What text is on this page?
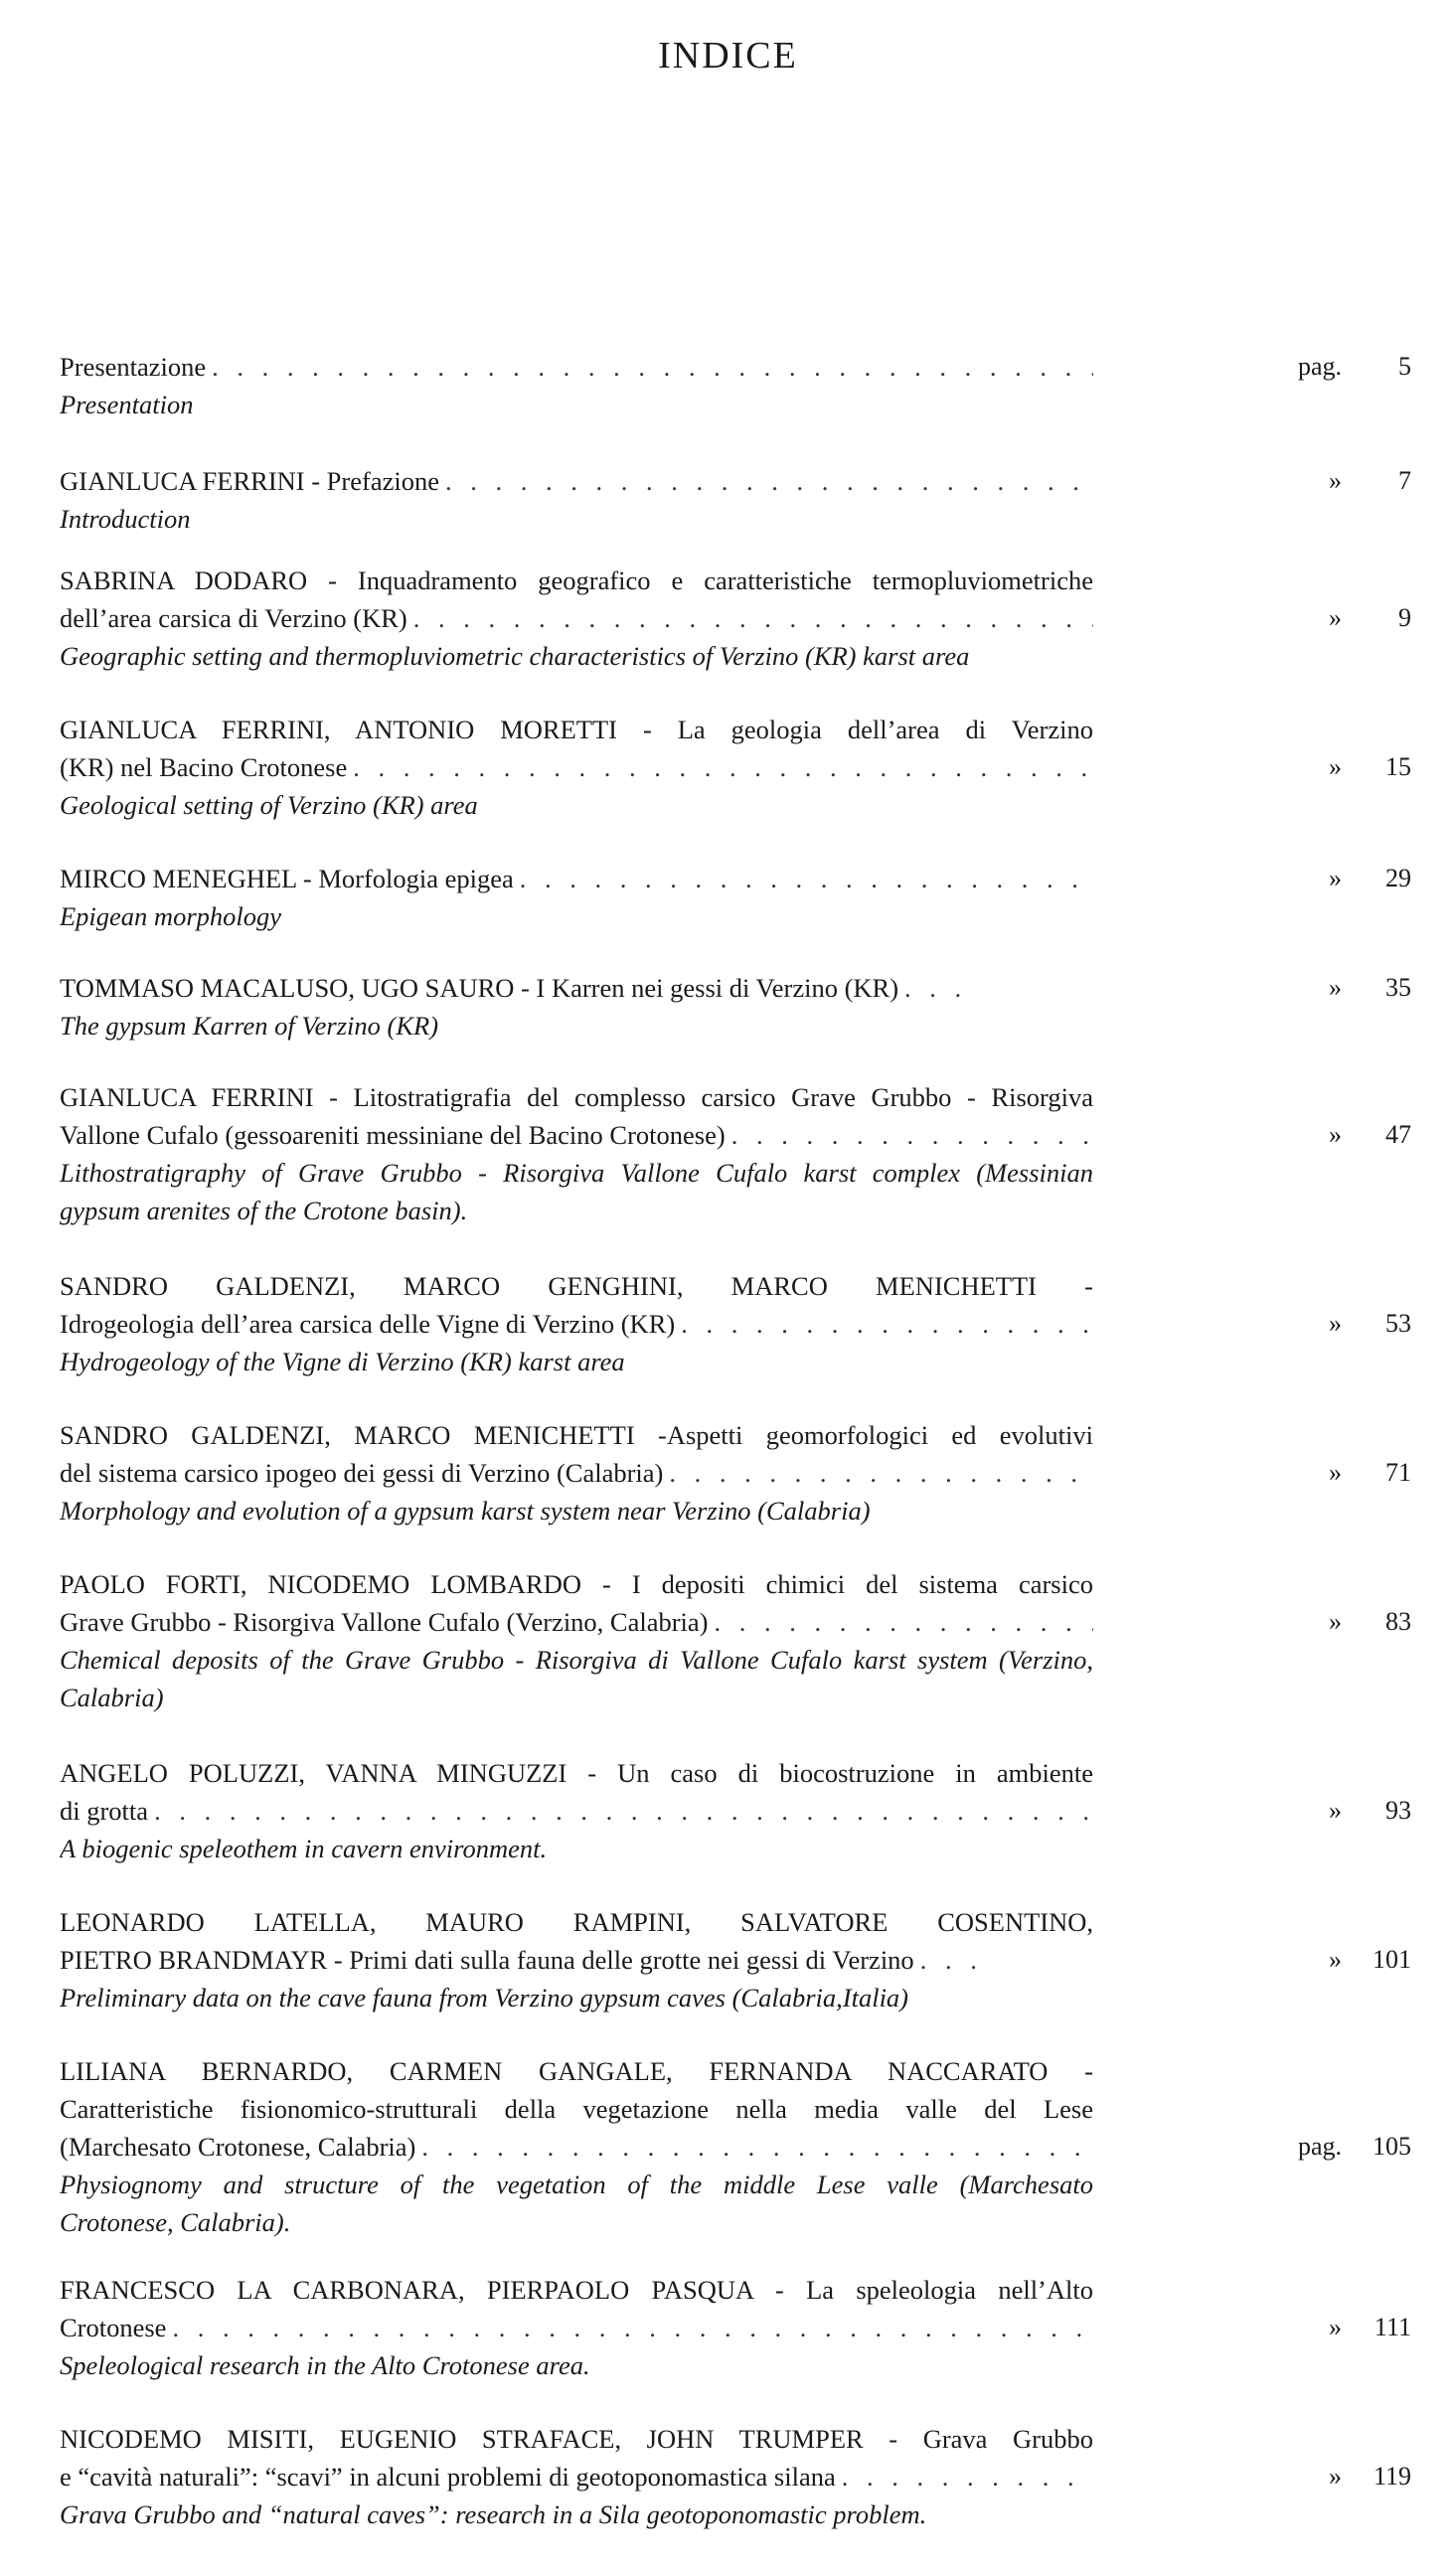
INDICE
Presentazione . . .	pag.	5
Presentation
GIANLUCA FERRINI - Prefazione . . .	»	7
Introduction
SABRINA DODARO - Inquadramento geografico e caratteristiche termopluviometriche
dell’area carsica di Verzino (KR) . . .	»	9
Geographic setting and thermopluviometric characteristics of Verzino (KR) karst area
GIANLUCA FERRINI, ANTONIO MORETTI - La geologia dell’area di Verzino
(KR) nel Bacino Crotonese . . .	»	15
Geological setting of Verzino (KR) area
MIRCO MENEGHEL - Morfologia epigea . . .	»	29
Epigean morphology
TOMMASO MACALUSO, UGO SAURO - I Karren nei gessi di Verzino (KR) . . .	»	35
The gypsum Karren of Verzino (KR)
GIANLUCA FERRINI - Litostratigrafia del complesso carsico Grave Grubbo - Risorgiva
Vallone Cufalo (gessoareniti messiniane del Bacino Crotonese) . . .	»	47
Lithostratigraphy of Grave Grubbo - Risorgiva Vallone Cufalo karst complex (Messinian
gypsum arenites of the Crotone basin).
SANDRO GALDENZI, MARCO GENGHINI, MARCO MENICHETTI -
Idrogeologia dell’area carsica delle Vigne di Verzino (KR) . . .	»	53
Hydrogeology of the Vigne di Verzino (KR) karst area
SANDRO GALDENZI, MARCO MENICHETTI -Aspetti geomorfologici ed evolutivi
del sistema carsico ipogeo dei gessi di Verzino (Calabria) . . .	»	71
Morphology and evolution of a gypsum karst system near Verzino (Calabria)
PAOLO FORTI, NICODEMO LOMBARDO - I depositi chimici del sistema carsico
Grave Grubbo - Risorgiva Vallone Cufalo (Verzino, Calabria) . . .	»	83
Chemical deposits of the Grave Grubbo - Risorgiva di Vallone Cufalo karst system (Verzino,
Calabria)
ANGELO POLUZZI, VANNA MINGUZZI - Un caso di biocostruzione in ambiente
di grotta . . .	»	93
A biogenic speleothem in cavern environment.
LEONARDO LATELLA, MAURO RAMPINI, SALVATORE COSENTINO,
PIETRO BRANDMAYR - Primi dati sulla fauna delle grotte nei gessi di Verzino . . .	»	101
Preliminary data on the cave fauna from Verzino gypsum caves (Calabria,Italia)
LILIANA BERNARDO, CARMEN GANGALE, FERNANDA NACCARATO -
Caratteristiche fisionomico-strutturali della vegetazione nella media valle del Lese
(Marchesato Crotonese, Calabria) . . .	pag.	105
Physiognomy and structure of the vegetation of the middle Lese valle (Marchesato
Crotonese, Calabria).
FRANCESCO LA CARBONARA, PIERPAOLO PASQUA - La speleologia nell’Alto
Crotonese . . .	»	111
Speleological research in the Alto Crotonese area.
NICODEMO MISITI, EUGENIO STRAFACE, JOHN TRUMPER - Grava Grubbo
e “cavità naturali”: “scavi” in alcuni problemi di geotoponomastica silana . . .	»	119
Grava Grubbo and “natural caves”: research in a Sila geotoponomastic problem.
